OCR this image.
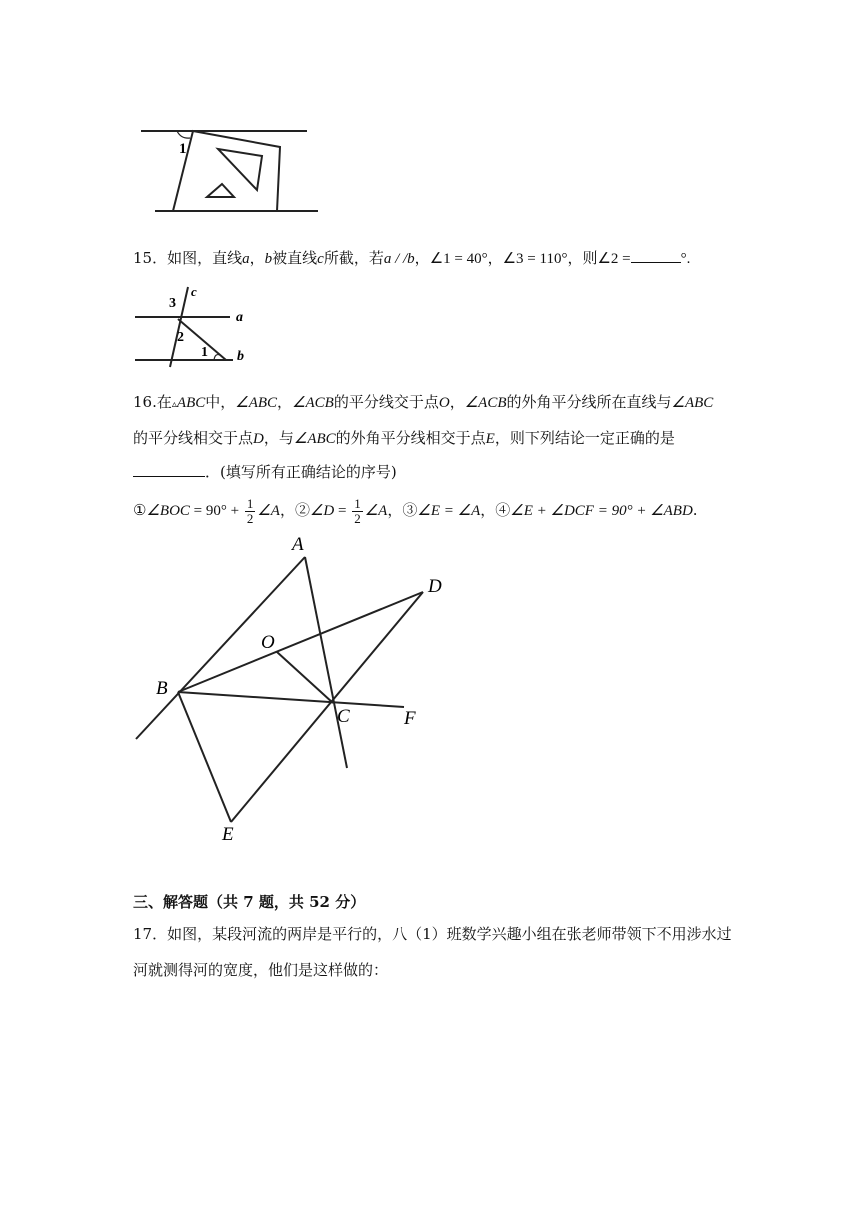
1
15．如图，直线a，b被直线c所截，若a / /b，∠1 = 40°，∠3 = 110°，则∠2 =	°.
3
c
a
2
1 b
16.在▵ABC中，∠ABC，∠ACB的平分线交于点O，∠ACB的外角平分线所在直线与∠ABC
的平分线相交于点D，与∠ABC的外角平分线相交于点E，则下列结论一定正确的是
．(填写所有正确结论的序号)
①∠BOC = $90^\circ + \frac{1}{2}$ ∠A，②∠D = $\frac{1}{2}$ ∠A，③∠E = ∠A，④∠E + ∠DCF = 90° + ∠ABD.
A
D
O
B
C	F
E
三、解答题（共 7 题，共 52 分）
17．如图，某段河流的两岸是平行的，八（1）班数学兴趣小组在张老师带领下不用涉水过
河就测得河的宽度，他们是这样做的：
